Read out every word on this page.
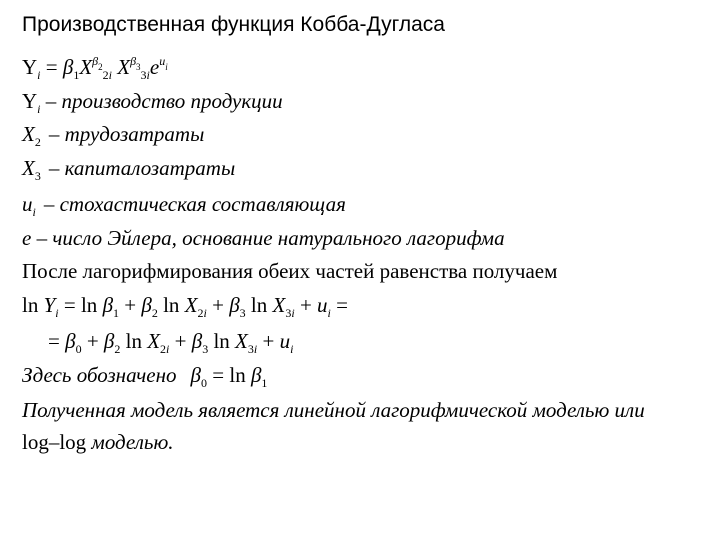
Производственная функция Кобба-Дугласа
$Y_i = \beta_1X^{\beta_2}_{2i}$ $X^{\beta_3}_{3i}e^{u_i}$
$Y_i$ – производство продукции
$X_2$ – трудозатраты
$X_3$ – капиталозатраты
$u_i$ – стохастическая составляющая
e – число Эйлера, основание натурального лагорифма
После лагорифмирования обеих частей равенства получаем
$\ln Y_i = \ln \beta_1 + \beta_2$ $\ln X_{2i} + \beta_3$ $\ln X_{3i} + u_i$ =
= $\beta_0 + \beta_2$ $\ln X_{2i} + \beta_3$ $\ln X_{3i} + u_i$
Здесь обозначено $\beta_0 = \ln \beta_1$
Полученная модель является линейной лагорифмической моделью или
log–log моделью.
